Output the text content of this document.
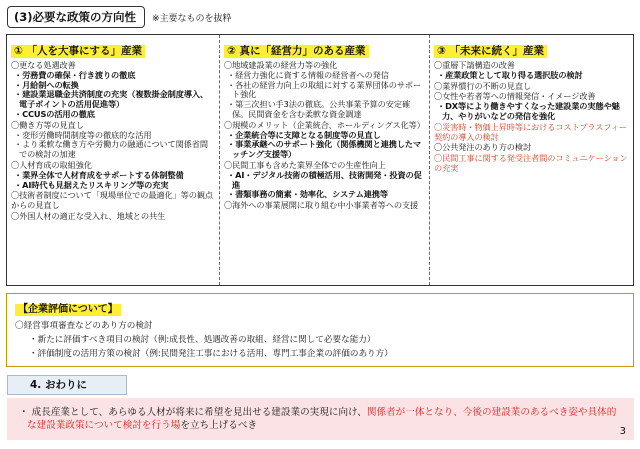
(3)必要な政策の方向性	※主要なものを抜粋
① 「人を大事にする」産業
〇更なる処遇改善
・労務費の確保・行き渡りの徹底
・月給制への転換
・建設業退職金共済制度の充実（複数掛金制度導入、電子ポイントの活用促進等）
・CCUSの活用の徹底
〇働き方等の見直し
・変形労働時間制度等の徹底的な活用
・より柔軟な働き方や労働力の融通について関係省間での検討の加速
〇人材育成の取組強化
・業界全体で人材育成をサポートする体制整備
・AI時代も見据えたリスキリング等の充実
〇技術者制度について「現場単位での最適化」等の観点からの見直し
〇外国人材の適正な受入れ、地域との共生
② 真に「経営力」のある産業
〇地域建設業の経営力等の強化
・経営力強化に資する情報の経営者への発信
・各社の経営力向上の取組に対する業界団体のサポート強化
・第三次担い手3法の徹底。公共事業予算の安定確保。民間資金を含む柔軟な資金調達
〇規模のメリット（企業統合、ホールディングス化等）
・企業統合等に支障となる制度等の見直し
・事業承継へのサポート強化（関係機関と連携したマッチング支援等）
〇民間工事も含めた業界全体での生産性向上
・AI・デジタル技術の積極活用、技術開発・投資の促進
・書類事務の簡素・効率化、システム連携等
〇海外への事業展開に取り組む中小事業者等への支援
③ 「未来に続く」産業
〇重層下請構造の改善
・産業政策として取り得る選択肢の検討
〇業界慣行の不断の見直し
〇女性や若者等への情報発信・イメージ改善
・DX等により働きやすくなった建設業の実態や魅力、やりがいなどの発信を強化
〇災害時・物価上昇時等におけるコストプラスフィー契約の導入の検討
〇公共発注のあり方の検討
〇民間工事に関する発受注者間のコミュニケーションの充実
【企業評価について】
〇経営事項審査などのあり方の検討
・新たに評価すべき項目の検討（例:成長性、処遇改善の取組、経営に関して必要な能力）
・評価制度の活用方策の検討（例:民間発注工事における活用、専門工事企業の評価のあり方）
4. おわりに
・ 成長産業として、あらゆる人材が将来に希望を見出せる建設業の実現に向け、関係者が一体となり、今後の建設業のあるべき姿や具体的な建設業政策について検討を行う場を立ち上げるべき
3
